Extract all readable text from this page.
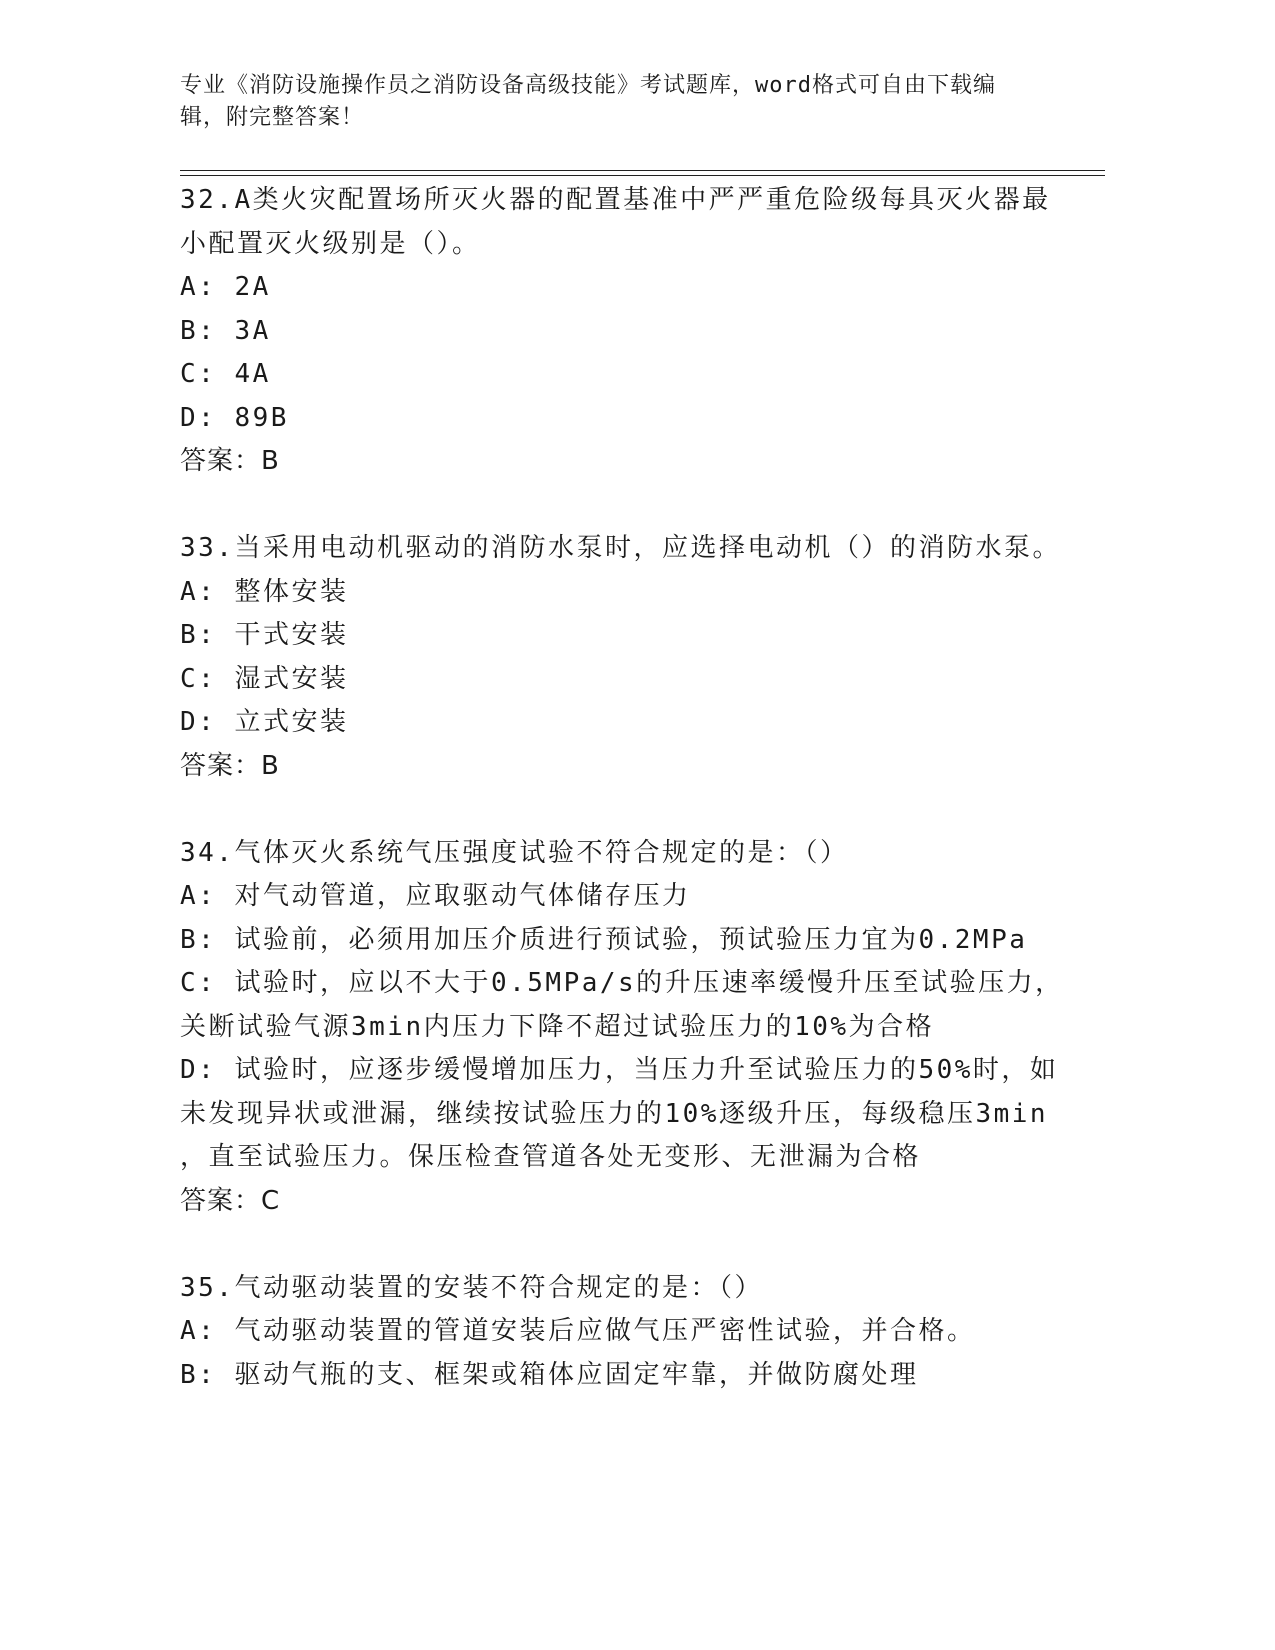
专业《消防设施操作员之消防设备高级技能》考试题库，word格式可自由下载编
辑，附完整答案！
32.A类火灾配置场所灭火器的配置基准中严严重危险级每具灭火器最
小配置灭火级别是（）。
A: 2A
B: 3A
C: 4A
D: 89B
答案：B
33.当采用电动机驱动的消防水泵时，应选择电动机（）的消防水泵。
A: 整体安装
B: 干式安装
C: 湿式安装
D: 立式安装
答案：B
34.气体灭火系统气压强度试验不符合规定的是：（）
A: 对气动管道，应取驱动气体储存压力
B: 试验前，必须用加压介质进行预试验，预试验压力宜为0.2MPa
C: 试验时，应以不大于0.5MPa/s的升压速率缓慢升压至试验压力，
关断试验气源3min内压力下降不超过试验压力的10%为合格
D: 试验时，应逐步缓慢增加压力，当压力升至试验压力的50%时，如
未发现异状或泄漏，继续按试验压力的10%逐级升压，每级稳压3min
，直至试验压力。保压检查管道各处无变形、无泄漏为合格
答案：C
35.气动驱动装置的安装不符合规定的是：（）
A: 气动驱动装置的管道安装后应做气压严密性试验，并合格。
B: 驱动气瓶的支、框架或箱体应固定牢靠，并做防腐处理
